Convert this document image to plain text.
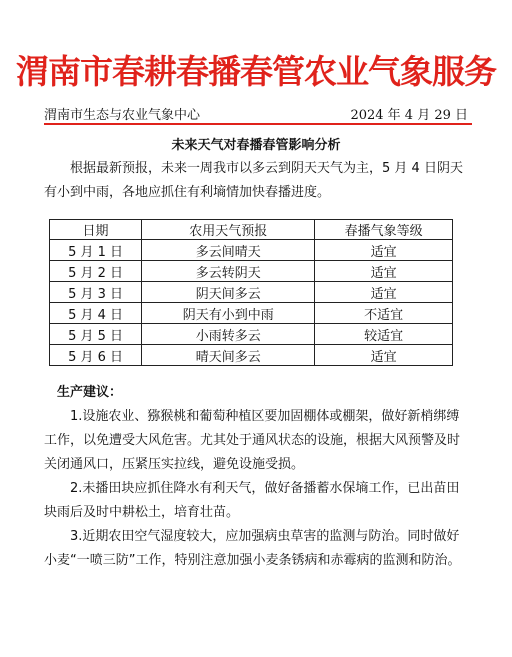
渭南市春耕春播春管农业气象服务
渭南市生态与农业气象中心	2024 年 4 月 29 日
未来天气对春播春管影响分析
根据最新预报，未来一周我市以多云到阴天天气为主，5 月 4 日阴天有小到中雨，各地应抓住有利墒情加快春播进度。
日期	农用天气预报	春播气象等级
5 月 1 日	多云间晴天	适宜
5 月 2 日	多云转阴天	适宜
5 月 3 日	阴天间多云	适宜
5 月 4 日	阴天有小到中雨	不适宜
5 月 5 日	小雨转多云	较适宜
5 月 6 日	晴天间多云	适宜
生产建议：
1.设施农业、猕猴桃和葡萄种植区要加固棚体或棚架，做好新梢绑缚工作，以免遭受大风危害。尤其处于通风状态的设施，根据大风预警及时关闭通风口，压紧压实拉线，避免设施受损。
2.未播田块应抓住降水有利天气，做好备播蓄水保墒工作，已出苗田块雨后及时中耕松土，培育壮苗。
3.近期农田空气湿度较大，应加强病虫草害的监测与防治。同时做好小麦“一喷三防”工作，特别注意加强小麦条锈病和赤霉病的监测和防治。
